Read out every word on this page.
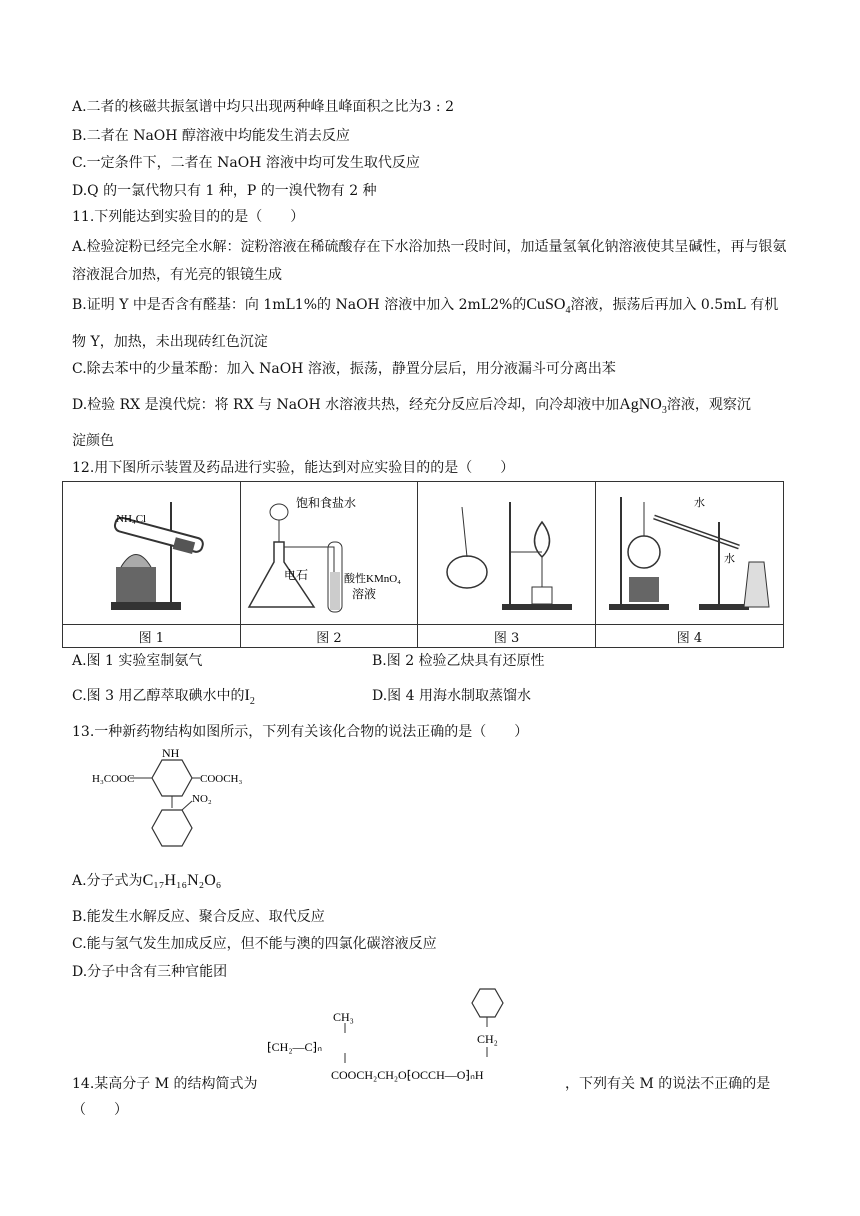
A.二者的核磁共振氢谱中均只出现两种峰且峰面积之比为3 : 2
B.二者在 NaOH 醇溶液中均能发生消去反应
C.一定条件下，二者在 NaOH 溶液中均可发生取代反应
D.Q 的一氯代物只有 1 种，P 的一溴代物有 2 种
11.下列能达到实验目的的是（　　）
A.检验淀粉已经完全水解：淀粉溶液在稀硫酸存在下水浴加热一段时间，加适量氢氧化钠溶液使其呈碱性，再与银氨溶液混合加热，有光亮的银镜生成
B.证明 Y 中是否含有醛基：向 1mL1%的 NaOH 溶液中加入 2mL2%的CuSO$_4$溶液，振荡后再加入 0.5mL 有机
物 Y，加热，未出现砖红色沉淀
C.除去苯中的少量苯酚：加入 NaOH 溶液，振荡，静置分层后，用分液漏斗可分离出苯
D.检验 RX 是溴代烷：将 RX 与 NaOH 水溶液共热，经充分反应后冷却，向冷却液中加AgNO$_3$溶液，观察沉
淀颜色
12.用下图所示装置及药品进行实验，能达到对应实验目的的是（　　）
NH₄Cl	饱和食盐水
电石 酸性KMnO₄
溶液		水
水

图 1	图 2	图 3	图 4
A.图 1 实验室制氨气	B.图 2 检验乙炔具有还原性
C.图 3 用乙醇萃取碘水中的$I_2$	D.图 4 用海水制取蒸馏水
13.一种新药物结构如图所示，下列有关该化合物的说法正确的是（　　）
NH
H₃COOC	COOCH₃
NO₂
A.分子式为C₁₇H₁₆N₂O₆
B.能发生水解反应、聚合反应、取代反应
C.能与氢气发生加成反应，但不能与澳的四氯化碳溶液反应
D.分子中含有三种官能团
CH₃
CH₂
⁅CH₂—C⁆ₙ
COOCH₂CH₂O⁅OCCH—O⁆ₙH
14.某高分子 M 的结构简式为	，下列有关 M 的说法不正确的是
（　　）
